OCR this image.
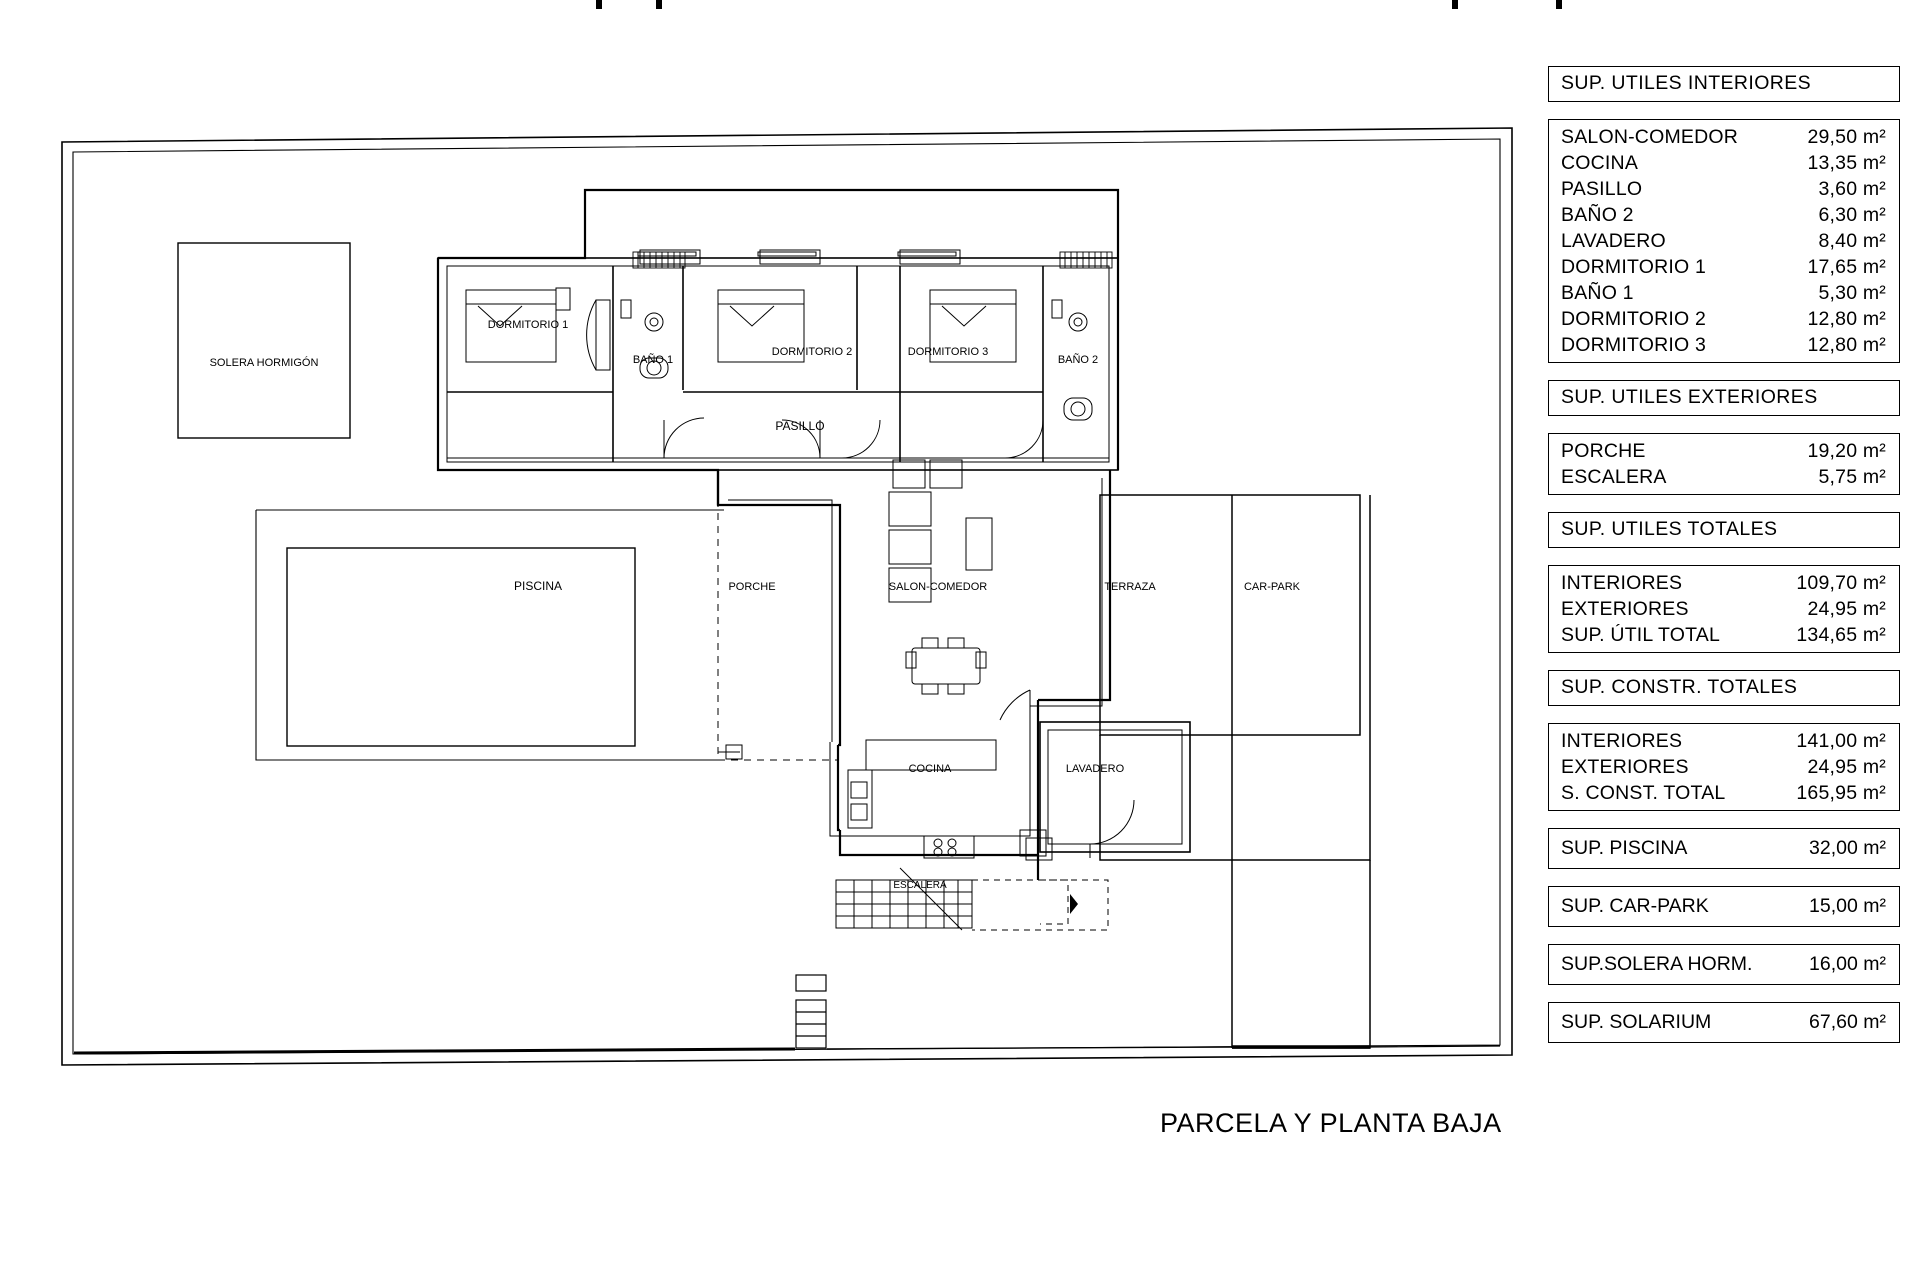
SOLERA HORMIGÓN
DORMITORIO 1
BAÑO 1
DORMITORIO 2	DORMITORIO 3
BAÑO 2
PASILLO
PISCINA	PORCHE	SALON-COMEDOR	TERRAZA	CAR-PARK
COCINA	LAVADERO
ESCALERA
PARCELA Y PLANTA BAJA
SUP. UTILES INTERIORES
SALON-COMEDOR	29,50 m²
COCINA	13,35 m²
PASILLO	3,60 m²
BAÑO 2	6,30 m²
LAVADERO	8,40 m²
DORMITORIO 1	17,65 m²
BAÑO 1	5,30 m²
DORMITORIO 2	12,80 m²
DORMITORIO 3	12,80 m²
SUP. UTILES EXTERIORES
PORCHE	19,20 m²
ESCALERA	5,75 m²
SUP. UTILES TOTALES
INTERIORES	109,70 m²
EXTERIORES	24,95 m²
SUP. ÚTIL TOTAL	134,65 m²
SUP. CONSTR. TOTALES
INTERIORES	141,00 m²
EXTERIORES	24,95 m²
S. CONST. TOTAL	165,95 m²
SUP. PISCINA	32,00 m²
SUP. CAR-PARK	15,00 m²
SUP.SOLERA HORM.	16,00 m²
SUP. SOLARIUM	67,60 m²
